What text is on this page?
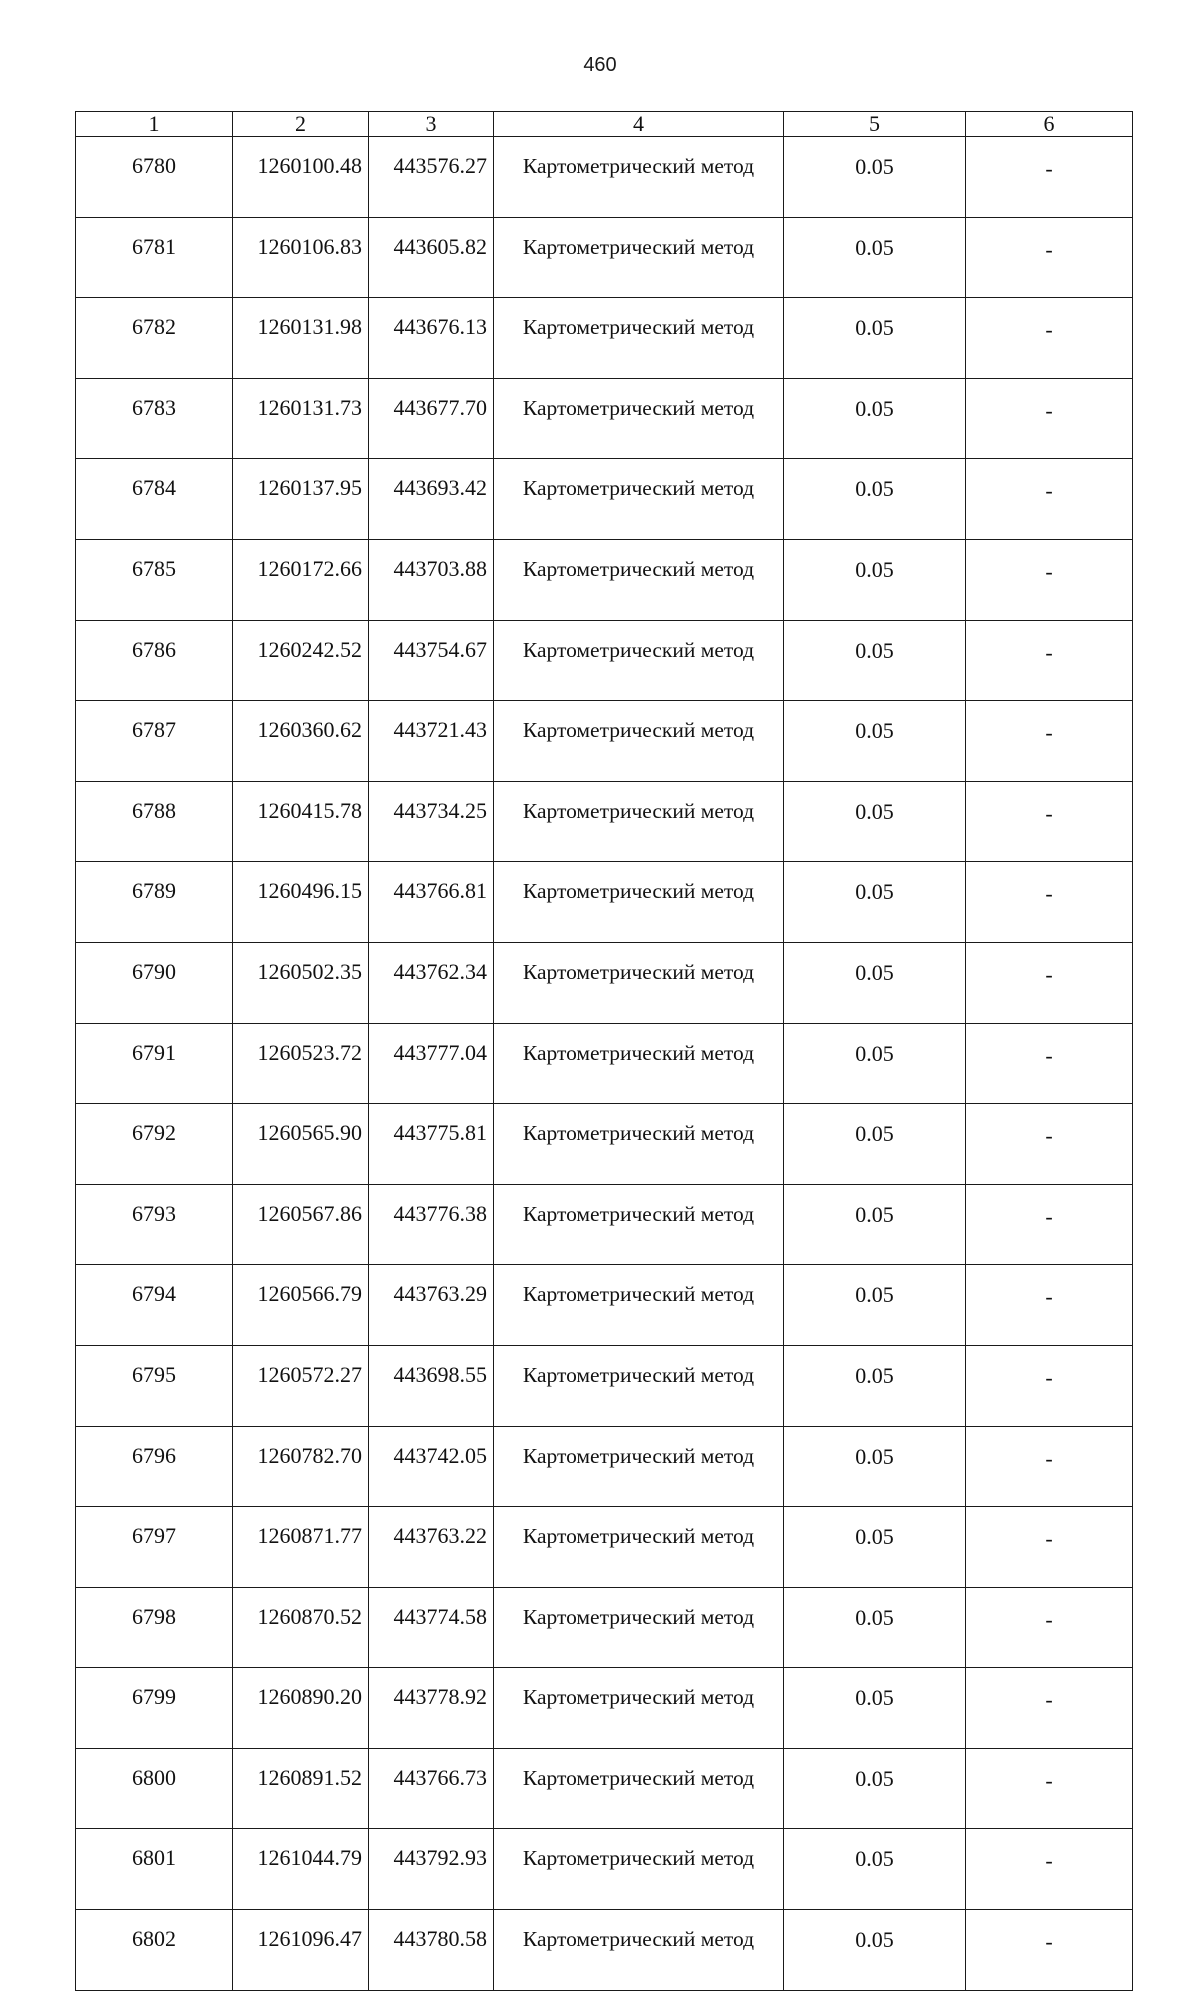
460
1	2	3	4	5	6
6780	1260100.48	443576.27	Картометрический метод	0.05	-
6781	1260106.83	443605.82	Картометрический метод	0.05	-
6782	1260131.98	443676.13	Картометрический метод	0.05	-
6783	1260131.73	443677.70	Картометрический метод	0.05	-
6784	1260137.95	443693.42	Картометрический метод	0.05	-
6785	1260172.66	443703.88	Картометрический метод	0.05	-
6786	1260242.52	443754.67	Картометрический метод	0.05	-
6787	1260360.62	443721.43	Картометрический метод	0.05	-
6788	1260415.78	443734.25	Картометрический метод	0.05	-
6789	1260496.15	443766.81	Картометрический метод	0.05	-
6790	1260502.35	443762.34	Картометрический метод	0.05	-
6791	1260523.72	443777.04	Картометрический метод	0.05	-
6792	1260565.90	443775.81	Картометрический метод	0.05	-
6793	1260567.86	443776.38	Картометрический метод	0.05	-
6794	1260566.79	443763.29	Картометрический метод	0.05	-
6795	1260572.27	443698.55	Картометрический метод	0.05	-
6796	1260782.70	443742.05	Картометрический метод	0.05	-
6797	1260871.77	443763.22	Картометрический метод	0.05	-
6798	1260870.52	443774.58	Картометрический метод	0.05	-
6799	1260890.20	443778.92	Картометрический метод	0.05	-
6800	1260891.52	443766.73	Картометрический метод	0.05	-
6801	1261044.79	443792.93	Картометрический метод	0.05	-
6802	1261096.47	443780.58	Картометрический метод	0.05	-
